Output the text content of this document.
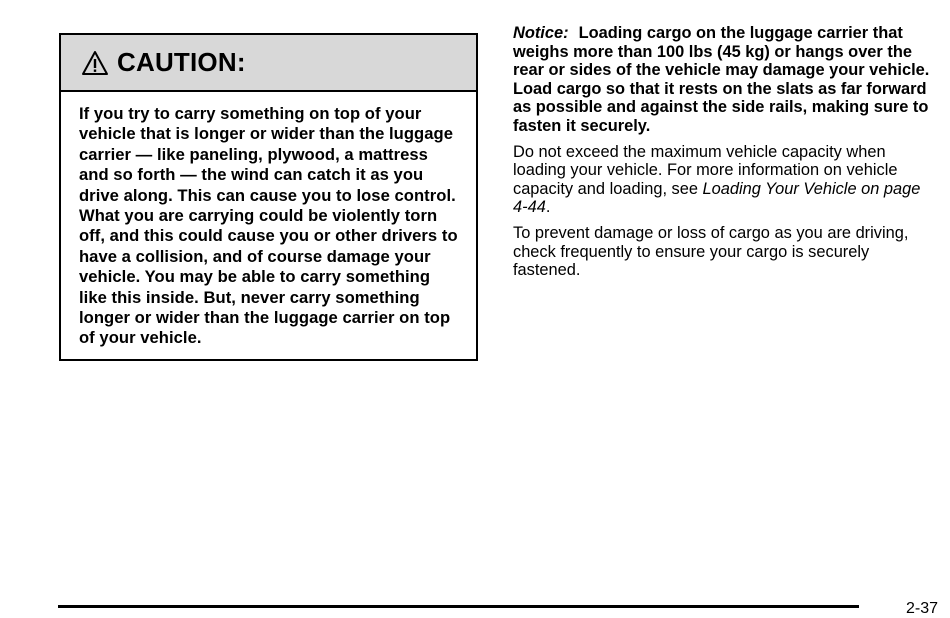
CAUTION:
If you try to carry something on top of your vehicle that is longer or wider than the luggage carrier — like paneling, plywood, a mattress and so forth — the wind can catch it as you drive along. This can cause you to lose control. What you are carrying could be violently torn off, and this could cause you or other drivers to have a collision, and of course damage your vehicle. You may be able to carry something like this inside. But, never carry something longer or wider than the luggage carrier on top of your vehicle.

Notice: Loading cargo on the luggage carrier that weighs more than 100 lbs (45 kg) or hangs over the rear or sides of the vehicle may damage your vehicle. Load cargo so that it rests on the slats as far forward as possible and against the side rails, making sure to fasten it securely.

Do not exceed the maximum vehicle capacity when loading your vehicle. For more information on vehicle capacity and loading, see Loading Your Vehicle on page 4-44.

To prevent damage or loss of cargo as you are driving, check frequently to ensure your cargo is securely fastened.

2-37
